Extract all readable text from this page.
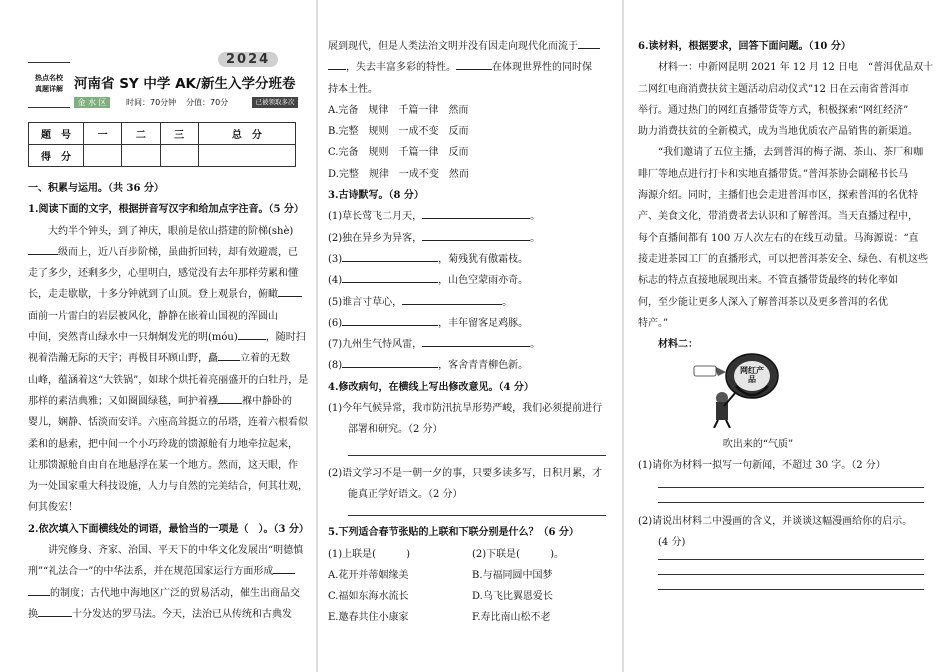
2024
热点名校
真题详解 河南省 SY 中学 AK/新生入学分班卷
金 水 区	时间：70分钟 分值：70分	已被领取多次
题　号	一	二	三	总　分
得　分				
一、积累与运用。（共 36 分）
1.阅读下面的文字，根据拼音写汉字和给加点字注音。（5 分）
大约半个钟头，到了神庆，眼前是依山搭建的阶梯(shè)
级而上，近八百步阶梯，虽曲折回转，却有效避震，已
走了多少，还剩多少，心里明白，感觉没有去年那样劳累和懂
长，走走歇歇，十多分钟就到了山顶。登上观景台，俯瞰
面前一片雷白的岩层被风化，静静在嵌着山国视的浑圆山
中间，突然青山绿水中一只炯炯发光的明(móu)	，随时扫
视着浩瀚无际的天宇；再极目环顾山野，矗 立着的无数
山峰，蕴涵着这“大铁锅”，如球个烘托着亮丽盛开的白牡丹，是
那样的素洁典雅；又如圈圆绿毯，呵护着襁 褓中静卧的
婴儿，娴静、恬淡而安详。六座高耸挺立的吊塔，连着六根看似
柔和的悬索，把中间一个小巧玲珑的馈源舱有力地牵拉起来，
让那馈源舱自由自在地悬浮在某一个地方。然而，这天眼，作
为一处国家重大科技设施，人力与自然的完美结合，何其壮观，
何其俊宏！
2.依次填入下面横线处的词语，最恰当的一项是（　）。（3 分）
讲究修身、齐家、治国、平天下的中华文化发展出“明德慎
刑”“礼法合一”的中华法系，并在规范国家运行方面形成
的制度；古代地中海地区广泛的贸易活动，催生出商品交
换	十分发达的罗马法。今天，法治已从传统和古典发
展到现代，但是人类法治文明并没有因走向现代化而流于
，失去丰富多彩的特性。	在体现世界性的同时保
持本土性。
A.完备　规律　千篇一律　然而
B.完整　规则　一成不变　反而
C.完备　规则　千篇一律　反而
D.完整　规律　一成不变　然而
3.古诗默写。（8 分）
(1)草长莺飞二月天，	。
(2)独在异乡为异客，	。
(3)	，菊残犹有傲霜枝。
(4)	，山色空蒙雨亦奇。
(5)谁言寸草心，	。
(6)	，丰年留客足鸡豚。
(7)九州生气恃风雷，	。
(8)	，客舍青青柳色新。
4.修改病句，在横线上写出修改意见。（4 分）
(1)今年气候异常，我市防汛抗旱形势严峻，我们必须提前进行
部署和研究。（2 分）
(2)语文学习不是一朝一夕的事，只要多读多写，日积月累，才
能真正学好语文。（2 分）
5.下列适合春节张贴的上联和下联分别是什么？（6 分）
(1)上联是(　　　)	(2)下联是(　　　)。
A.花开并蒂姻缘美	B.与福同圆中国梦
C.福如东海水流长	D.乌飞比翼恩爱长
E.邀春共住小康家	F.寿比南山松不老
6.读材料，根据要求，回答下面问题。（10 分）
材料一：中新网昆明 2021 年 12 月 12 日电　“普洱优品双十
二网红电商消费扶贫主题活动启动仪式”12 日在云南省普洱市
举行。通过热门的网红直播带货等方式，积极探索“网红经济”
助力消费扶贫的全新模式，成为当地优质农产品销售的新渠道。
“我们邀请了五位主播，去到普洱的梅子湖、茶山、茶厂和咖
啡厂等地点进行打卡和实地直播带货。”普洱茶协会副秘书长马
海源介绍。同时，主播们也会走进普洱市区，探索普洱的名优特
产、美食文化，带消费者去认识和了解普洱。当天直播过程中，
每个直播间都有 100 万人次左右的在线互动量。马海源说：“直
接走进茶园工厂的直播形式，可以把普洱茶安全、绿色、有机这些
标志的特点直接地展现出来。不管直播带货最终的转化率如
何，至少能让更多人深入了解普洱茶以及更多普洱的名优
特产。”
材料二：
网红产品
吹出来的“气质”
(1)请你为材料一拟写一句新闻，不超过 30 字。（2 分）
(2)请说出材料二中漫画的含义，并谈谈这幅漫画给你的启示。
(4 分)
